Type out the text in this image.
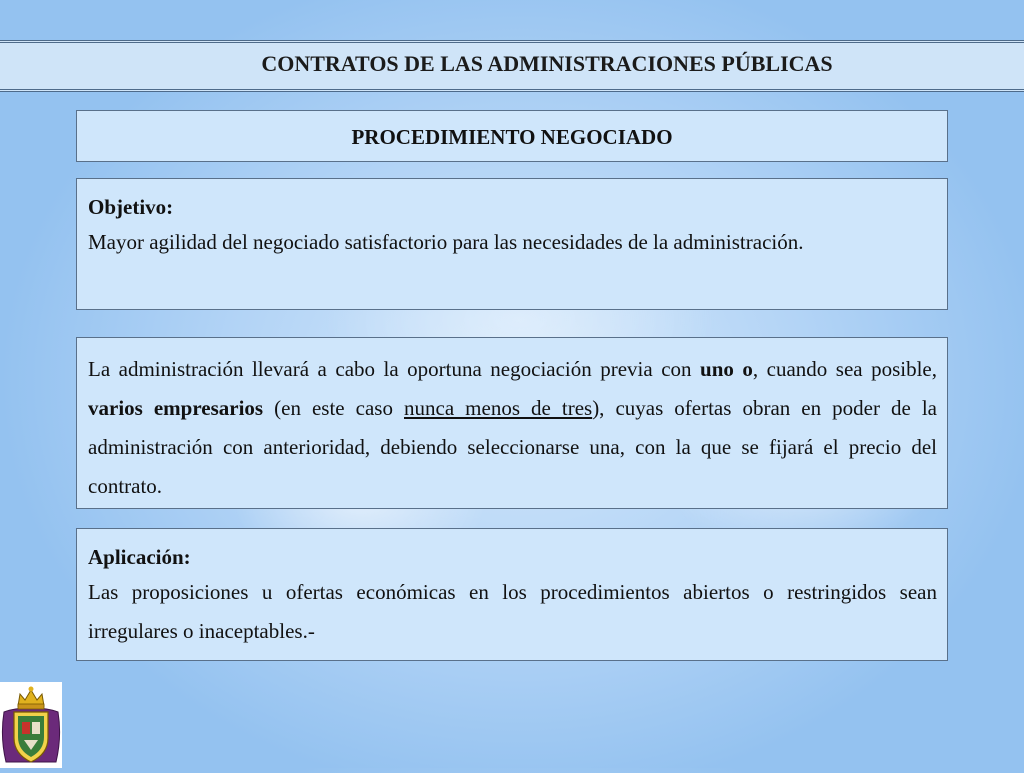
CONTRATOS DE LAS ADMINISTRACIONES PÚBLICAS
PROCEDIMIENTO NEGOCIADO
Objetivo:

Mayor agilidad del negociado satisfactorio para las necesidades de la administración.

La administración llevará a cabo la oportuna negociación previa con uno o, cuando sea posible, varios empresarios (en este caso nunca menos de tres), cuyas ofertas obran en poder de la administración con anterioridad, debiendo seleccionarse una, con la que se fijará el precio del contrato.

Aplicación:

Las proposiciones u ofertas económicas en los procedimientos abiertos o restringidos sean irregulares o inaceptables.-
